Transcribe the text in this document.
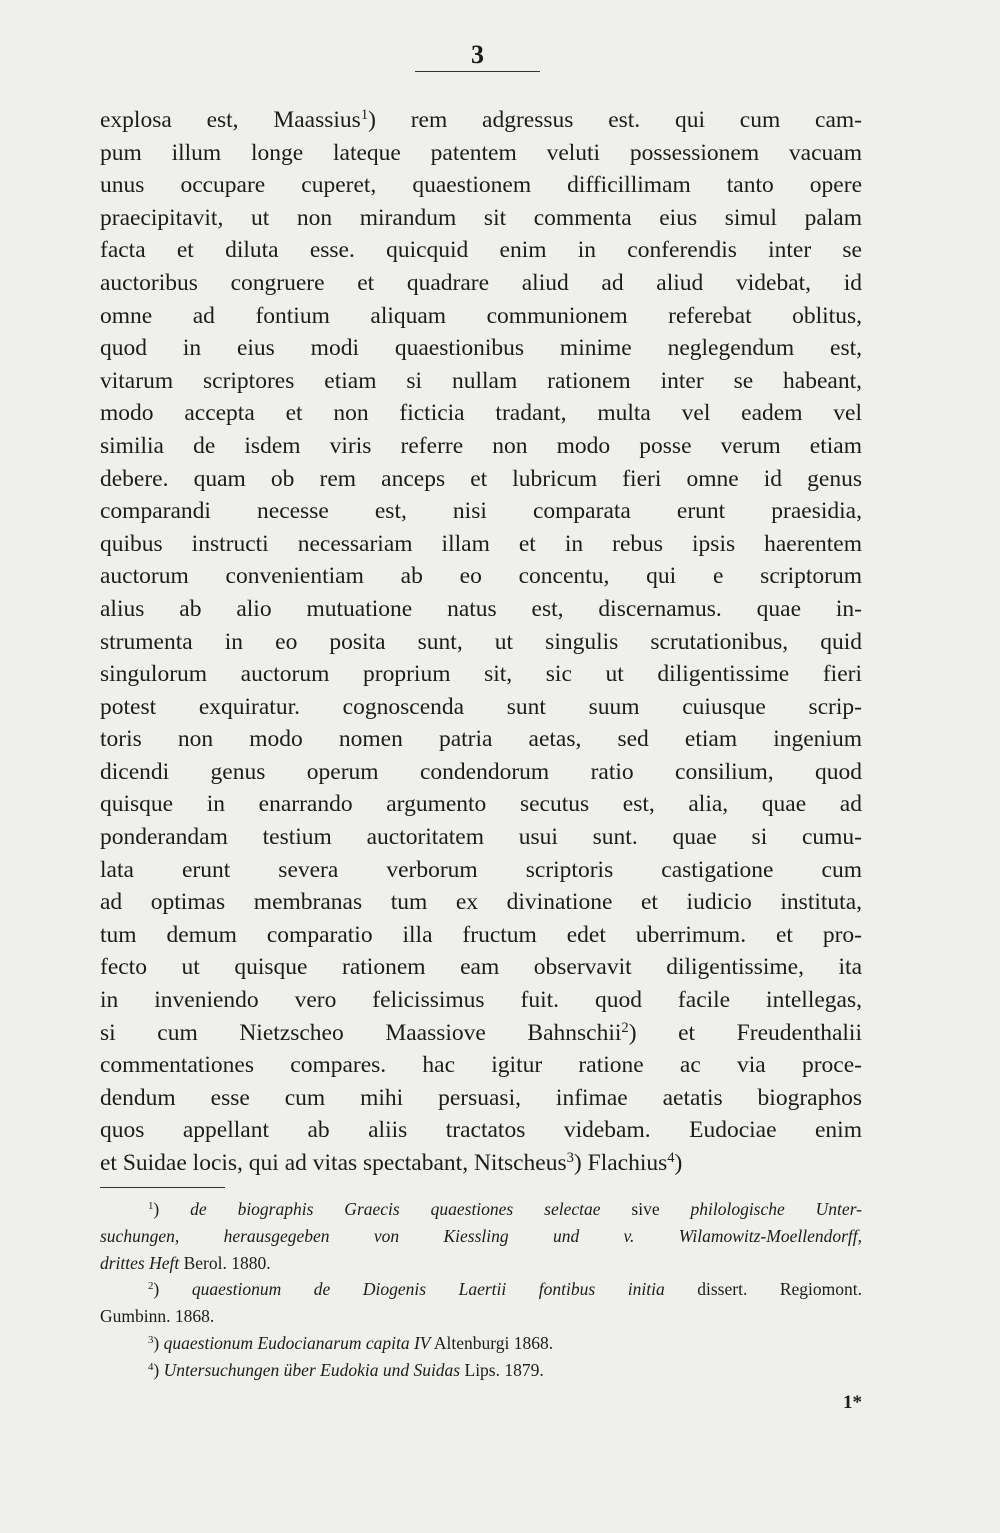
3
explosa est, Maassius$^1$) rem adgressus est. qui cum cam-
pum illum longe lateque patentem veluti possessionem vacuam
unus occupare cuperet, quaestionem difficillimam tanto opere
praecipitavit, ut non mirandum sit commenta eius simul palam
facta et diluta esse. quicquid enim in conferendis inter se
auctoribus congruere et quadrare aliud ad aliud videbat, id
omne ad fontium aliquam communionem referebat oblitus,
quod in eius modi quaestionibus minime neglegendum est,
vitarum scriptores etiam si nullam rationem inter se habeant,
modo accepta et non ficticia tradant, multa vel eadem vel
similia de isdem viris referre non modo posse verum etiam
debere. quam ob rem anceps et lubricum fieri omne id genus
comparandi necesse est, nisi comparata erunt praesidia,
quibus instructi necessariam illam et in rebus ipsis haerentem
auctorum convenientiam ab eo concentu, qui e scriptorum
alius ab alio mutuatione natus est, discernamus. quae in-
strumenta in eo posita sunt, ut singulis scrutationibus, quid
singulorum auctorum proprium sit, sic ut diligentissime fieri
potest exquiratur. cognoscenda sunt suum cuiusque scrip-
toris non modo nomen patria aetas, sed etiam ingenium
dicendi genus operum condendorum ratio consilium, quod
quisque in enarrando argumento secutus est, alia, quae ad
ponderandam testium auctoritatem usui sunt. quae si cumu-
lata erunt severa verborum scriptoris castigatione cum
ad optimas membranas tum ex divinatione et iudicio instituta,
tum demum comparatio illa fructum edet uberrimum. et pro-
fecto ut quisque rationem eam observavit diligentissime, ita
in inveniendo vero felicissimus fuit. quod facile intellegas,
si cum Nietzscheo Maassiove Bahnschii$^2$) et Freudenthalii
commentationes compares. hac igitur ratione ac via proce-
dendum esse cum mihi persuasi, infimae aetatis biographos
quos appellant ab aliis tractatos videbam. Eudociae enim
et Suidae locis, qui ad vitas spectabant, Nitscheus$^3$) Flachius$^4$)
$^1$) de biographis Graecis quaestiones selectae sive philologische Unter-
suchungen, herausgegeben von Kiessling und v. Wilamowitz-Moellendorff,
drittes Heft Berol. 1880.
$^2$) quaestionum de Diogenis Laertii fontibus initia dissert. Regiomont.
Gumbinn. 1868.
$^3$) quaestionum Eudocianarum capita IV Altenburgi 1868.
$^4$) Untersuchungen über Eudokia und Suidas Lips. 1879.
1*
